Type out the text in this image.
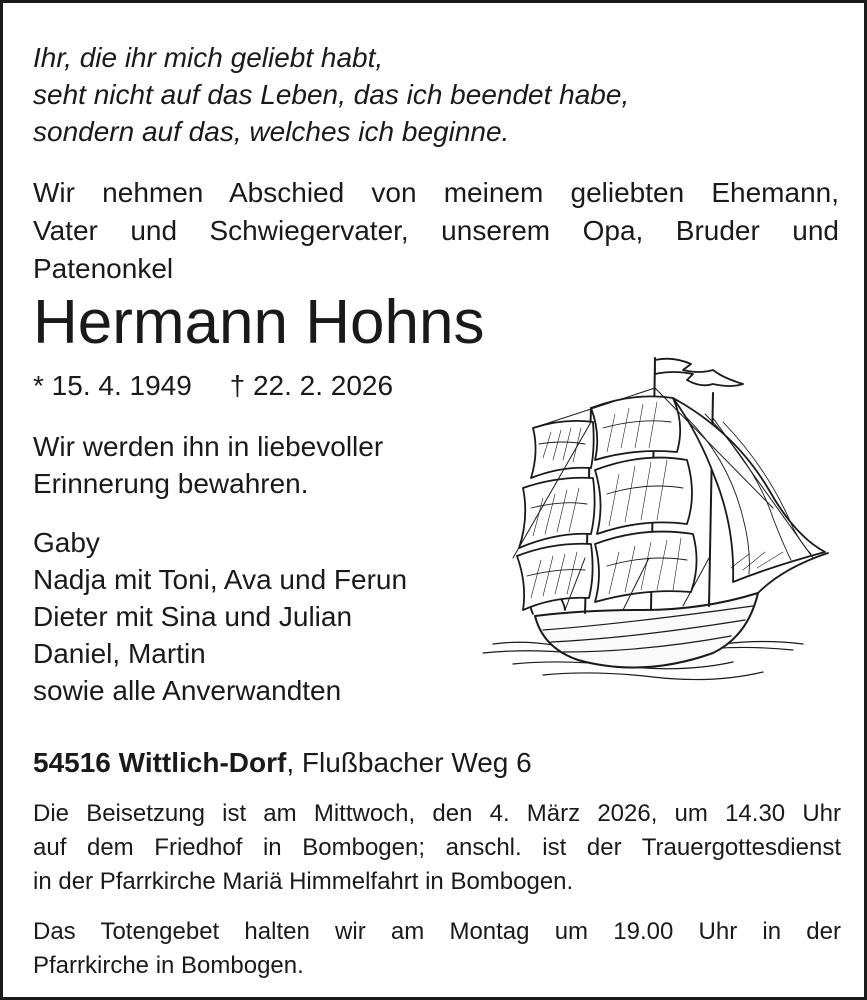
Ihr, die ihr mich geliebt habt,
seht nicht auf das Leben, das ich beendet habe,
sondern auf das, welches ich beginne.

Wir nehmen Abschied von meinem geliebten Ehemann,
Vater und Schwiegervater, unserem Opa, Bruder und
Patenonkel

Hermann Hohns

* 15. 4. 1949 † 22. 2. 2026

Wir werden ihn in liebevoller
Erinnerung bewahren.

Gaby
Nadja mit Toni, Ava und Ferun
Dieter mit Sina und Julian
Daniel, Martin
sowie alle Anverwandten

54516 Wittlich-Dorf, Flußbacher Weg 6

Die Beisetzung ist am Mittwoch, den 4. März 2026, um 14.30 Uhr
auf dem Friedhof in Bombogen; anschl. ist der Trauergottesdienst
in der Pfarrkirche Mariä Himmelfahrt in Bombogen.

Das Totengebet halten wir am Montag um 19.00 Uhr in der
Pfarrkirche in Bombogen.
